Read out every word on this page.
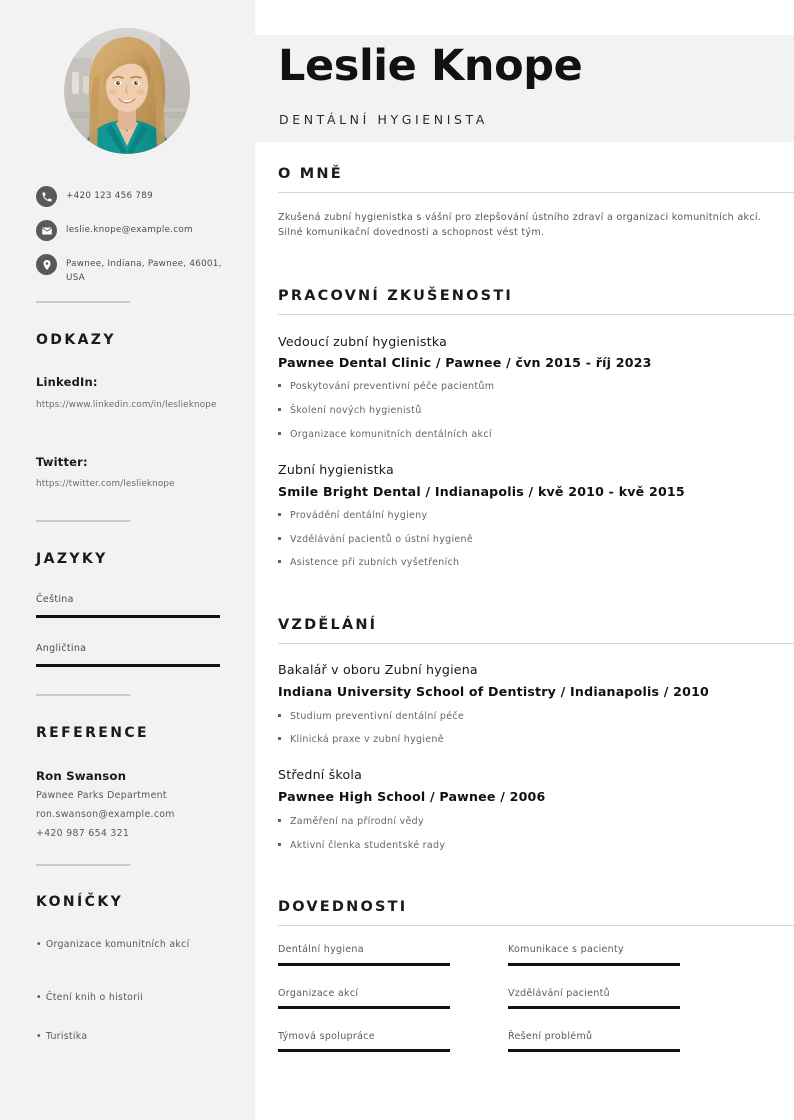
+420 123 456 789
leslie.knope@example.com
Pawnee, Indiana, Pawnee, 46001, USA
ODKAZY
LinkedIn:
https://www.linkedin.com/in/leslieknope
Twitter:
https://twitter.com/leslieknope
JAZYKY
Čeština
Angličtina
REFERENCE
Ron Swanson
Pawnee Parks Department
ron.swanson@example.com
+420 987 654 321
KONÍČKY
• Organizace komunitních akcí
• Čtení knih o historii
• Turistika
Leslie Knope
DENTÁLNÍ HYGIENISTA
O MNĚ
Zkušená zubní hygienistka s vášní pro zlepšování ústního zdraví a organizaci komunitních akcí. Silné komunikační dovednosti a schopnost vést tým.
PRACOVNÍ ZKUŠENOSTI
Vedoucí zubní hygienistka
Pawnee Dental Clinic / Pawnee / čvn 2015 - říj 2023
Poskytování preventivní péče pacientům
Školení nových hygienistů
Organizace komunitních dentálních akcí
Zubní hygienistka
Smile Bright Dental / Indianapolis / kvě 2010 - kvě 2015
Provádění dentální hygieny
Vzdělávání pacientů o ústní hygieně
Asistence při zubních vyšetřeních
VZDĚLÁNÍ
Bakalář v oboru Zubní hygiena
Indiana University School of Dentistry / Indianapolis / 2010
Studium preventivní dentální péče
Klinická praxe v zubní hygieně
Střední škola
Pawnee High School / Pawnee / 2006
Zaměření na přírodní vědy
Aktivní členka studentské rady
DOVEDNOSTI
Dentální hygiena	Komunikace s pacienty
Organizace akcí	Vzdělávání pacientů
Týmová spolupráce	Řešení problémů
